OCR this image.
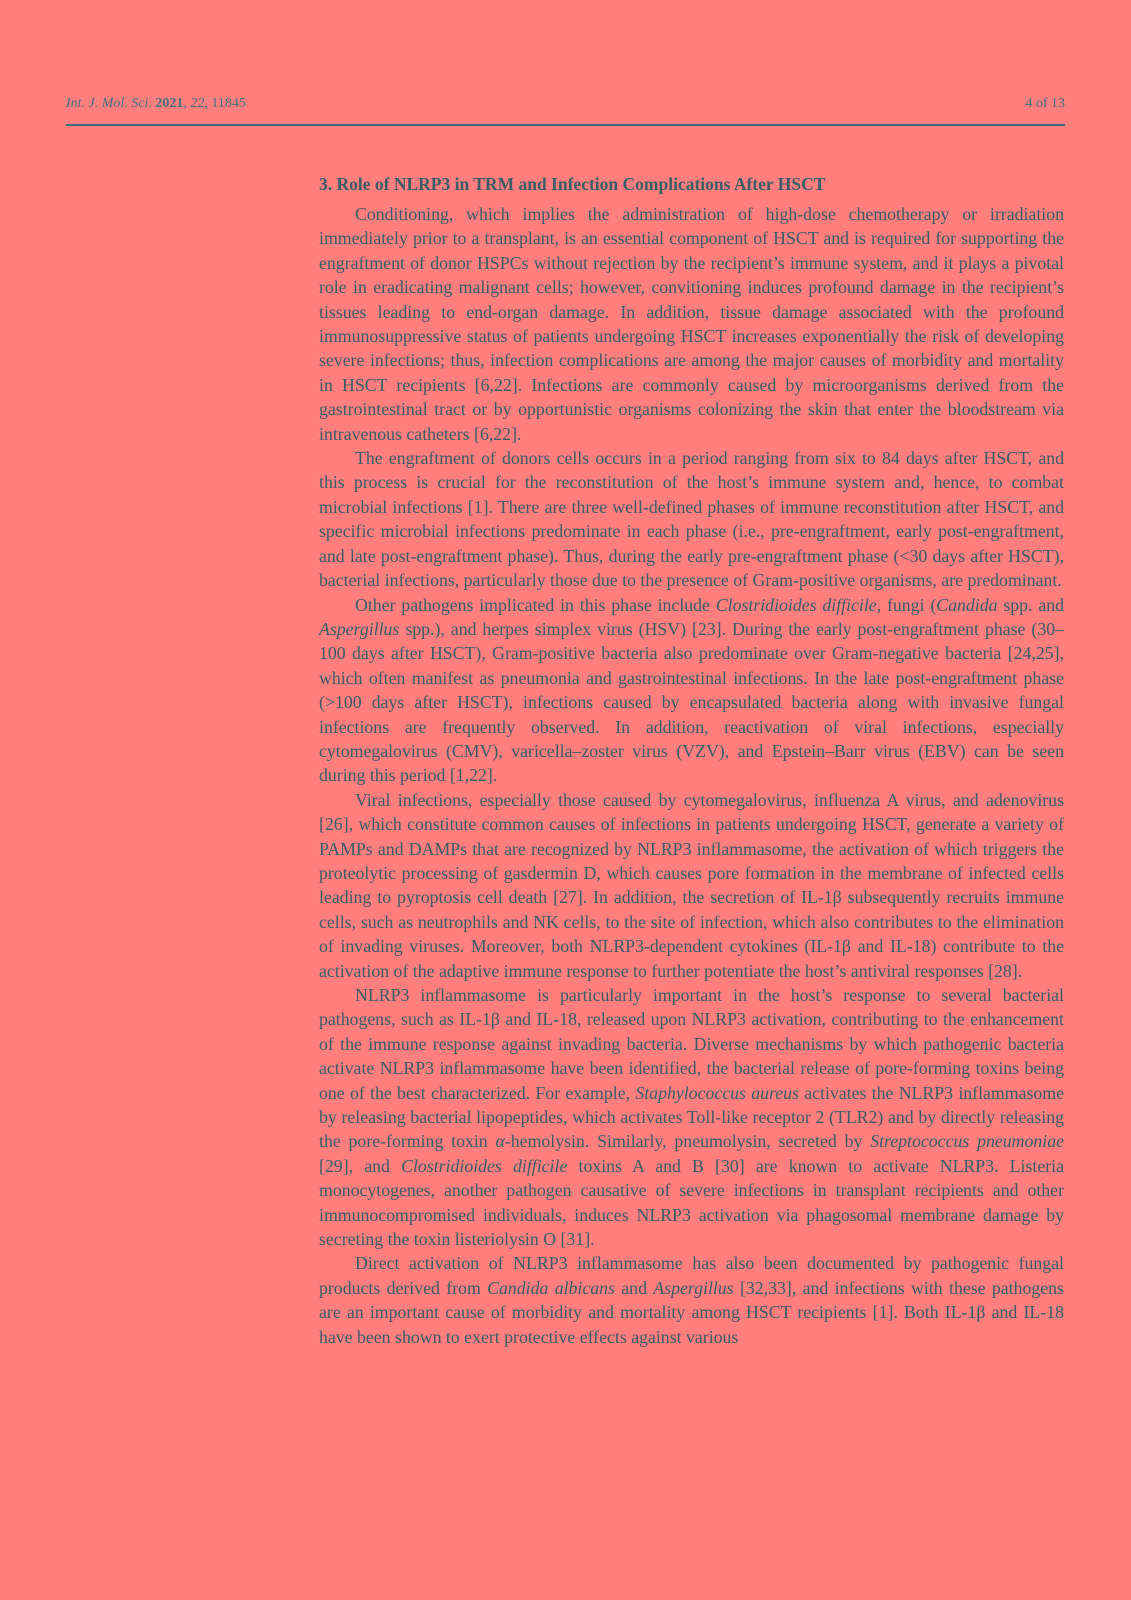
Int. J. Mol. Sci. 2021, 22, 11845	4 of 13
3. Role of NLRP3 in TRM and Infection Complications After HSCT

Conditioning, which implies the administration of high-dose chemotherapy or irradiation immediately prior to a transplant, is an essential component of HSCT and is required for supporting the engraftment of donor HSPCs without rejection by the recipient’s immune system, and it plays a pivotal role in eradicating malignant cells; however, convitioning induces profound damage in the recipient’s tissues leading to end-organ damage. In addition, tissue damage associated with the profound immunosuppressive status of patients undergoing HSCT increases exponentially the risk of developing severe infections; thus, infection complications are among the major causes of morbidity and mortality in HSCT recipients [6,22]. Infections are commonly caused by microorganisms derived from the gastrointestinal tract or by opportunistic organisms colonizing the skin that enter the bloodstream via intravenous catheters [6,22].

The engraftment of donors cells occurs in a period ranging from six to 84 days after HSCT, and this process is crucial for the reconstitution of the host’s immune system and, hence, to combat microbial infections [1]. There are three well-defined phases of immune reconstitution after HSCT, and specific microbial infections predominate in each phase (i.e., pre-engraftment, early post-engraftment, and late post-engraftment phase). Thus, during the early pre-engraftment phase (<30 days after HSCT), bacterial infections, particularly those due to the presence of Gram-positive organisms, are predominant.

Other pathogens implicated in this phase include Clostridioides difficile, fungi (Candida spp. and Aspergillus spp.), and herpes simplex virus (HSV) [23]. During the early post-engraftment phase (30–100 days after HSCT), Gram-positive bacteria also predominate over Gram-negative bacteria [24,25], which often manifest as pneumonia and gastrointestinal infections. In the late post-engraftment phase (>100 days after HSCT), infections caused by encapsulated bacteria along with invasive fungal infections are frequently observed. In addition, reactivation of viral infections, especially cytomegalovirus (CMV), varicella–zoster virus (VZV), and Epstein–Barr virus (EBV) can be seen during this period [1,22].

Viral infections, especially those caused by cytomegalovirus, influenza A virus, and adenovirus [26], which constitute common causes of infections in patients undergoing HSCT, generate a variety of PAMPs and DAMPs that are recognized by NLRP3 inflammasome, the activation of which triggers the proteolytic processing of gasdermin D, which causes pore formation in the membrane of infected cells leading to pyroptosis cell death [27]. In addition, the secretion of IL-1β subsequently recruits immune cells, such as neutrophils and NK cells, to the site of infection, which also contributes to the elimination of invading viruses. Moreover, both NLRP3-dependent cytokines (IL-1β and IL-18) contribute to the activation of the adaptive immune response to further potentiate the host’s antiviral responses [28].

NLRP3 inflammasome is particularly important in the host’s response to several bacterial pathogens, such as IL-1β and IL-18, released upon NLRP3 activation, contributing to the enhancement of the immune response against invading bacteria. Diverse mechanisms by which pathogenic bacteria activate NLRP3 inflammasome have been identified, the bacterial release of pore-forming toxins being one of the best characterized. For example, Staphylococcus aureus activates the NLRP3 inflammasome by releasing bacterial lipopeptides, which activates Toll-like receptor 2 (TLR2) and by directly releasing the pore-forming toxin α-hemolysin. Similarly, pneumolysin, secreted by Streptococcus pneumoniae [29], and Clostridioides difficile toxins A and B [30] are known to activate NLRP3. Listeria monocytogenes, another pathogen causative of severe infections in transplant recipients and other immunocompromised individuals, induces NLRP3 activation via phagosomal membrane damage by secreting the toxin listeriolysin O [31].

Direct activation of NLRP3 inflammasome has also been documented by pathogenic fungal products derived from Candida albicans and Aspergillus [32,33], and infections with these pathogens are an important cause of morbidity and mortality among HSCT recipients [1]. Both IL-1β and IL-18 have been shown to exert protective effects against various
